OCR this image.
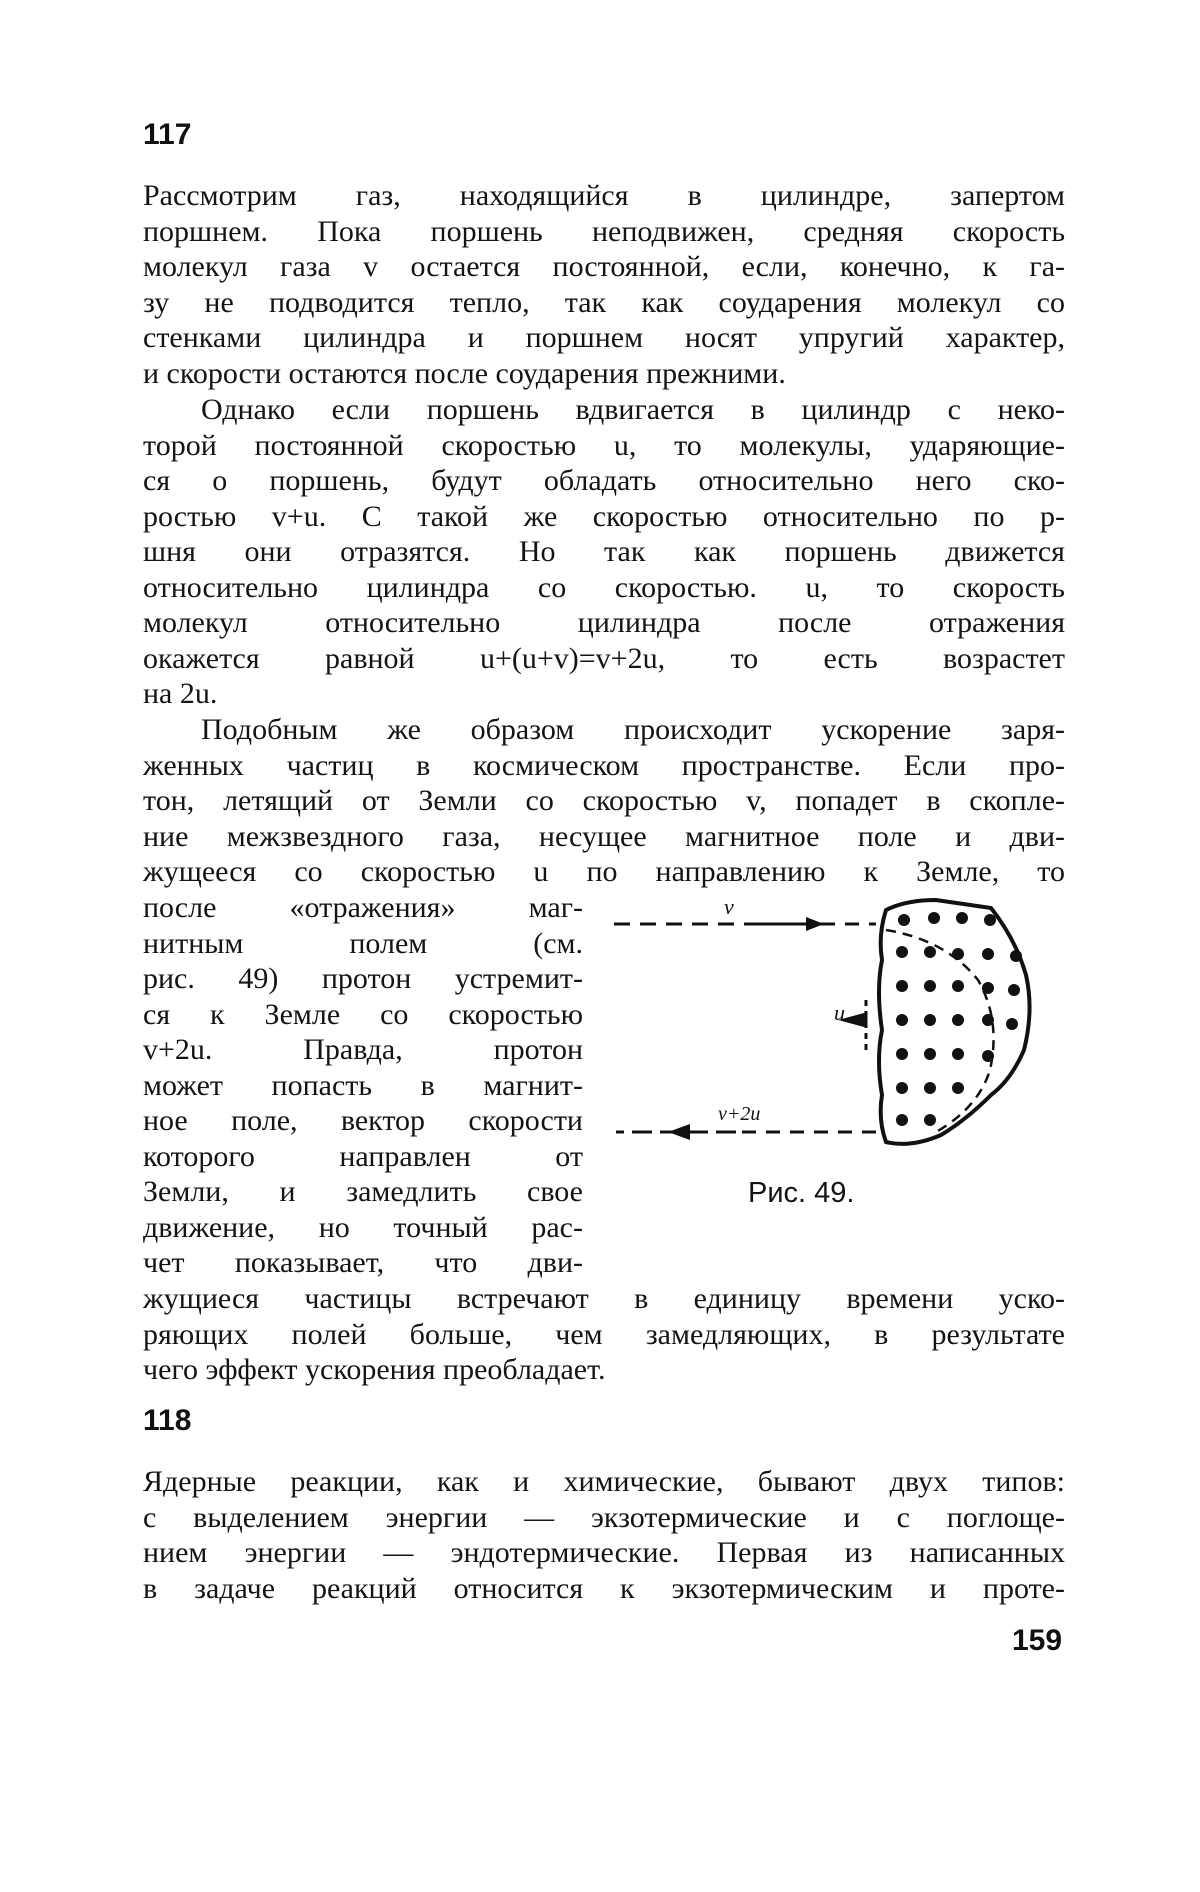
117
Рассмотрим газ, находящийся в цилиндре, запертом
поршнем. Пока поршень неподвижен, средняя скорость
молекул газа v остается постоянной, если, конечно, к га-
зу не подводится тепло, так как соударения молекул со
стенками цилиндра и поршнем носят упругий характер,
и скорости остаются после соударения прежними.
Однако если поршень вдвигается в цилиндр с неко-
торой постоянной скоростью u, то молекулы, ударяющие-
ся о поршень, будут обладать относительно него ско-
ростью v+u. С такой же скоростью относительно по р-
шня они отразятся. Но так как поршень движется
относительно цилиндра со скоростью. u, то скорость
молекул относительно цилиндра после отражения
окажется равной u+(u+v)=v+2u, то есть возрастет
на 2u.
Подобным же образом происходит ускорение заря-
женных частиц в космическом пространстве. Если про-
тон, летящий от Земли со скоростью v, попадет в скопле-
ние межзвездного газа, несущее магнитное поле и дви-
жущееся со скоростью u по направлению к Земле, то
после «отражения» маг-
нитным полем (см.
рис. 49) протон устремит-
ся к Земле со скоростью
v+2u. Правда, протон
может попасть в магнит-
ное поле, вектор скорости
которого направлен от
Земли, и замедлить свое
движение, но точный рас-
чет показывает, что дви-
жущиеся частицы встречают в единицу времени уско-
ряющих полей больше, чем замедляющих, в результате
чего эффект ускорения преобладает.
v
u
v+2u
Рис. 49.
118
Ядерные реакции, как и химические, бывают двух типов:
с выделением энергии — экзотермические и с поглоще-
нием энергии — эндотермические. Первая из написанных
в задаче реакций относится к экзотермическим и проте-
159
